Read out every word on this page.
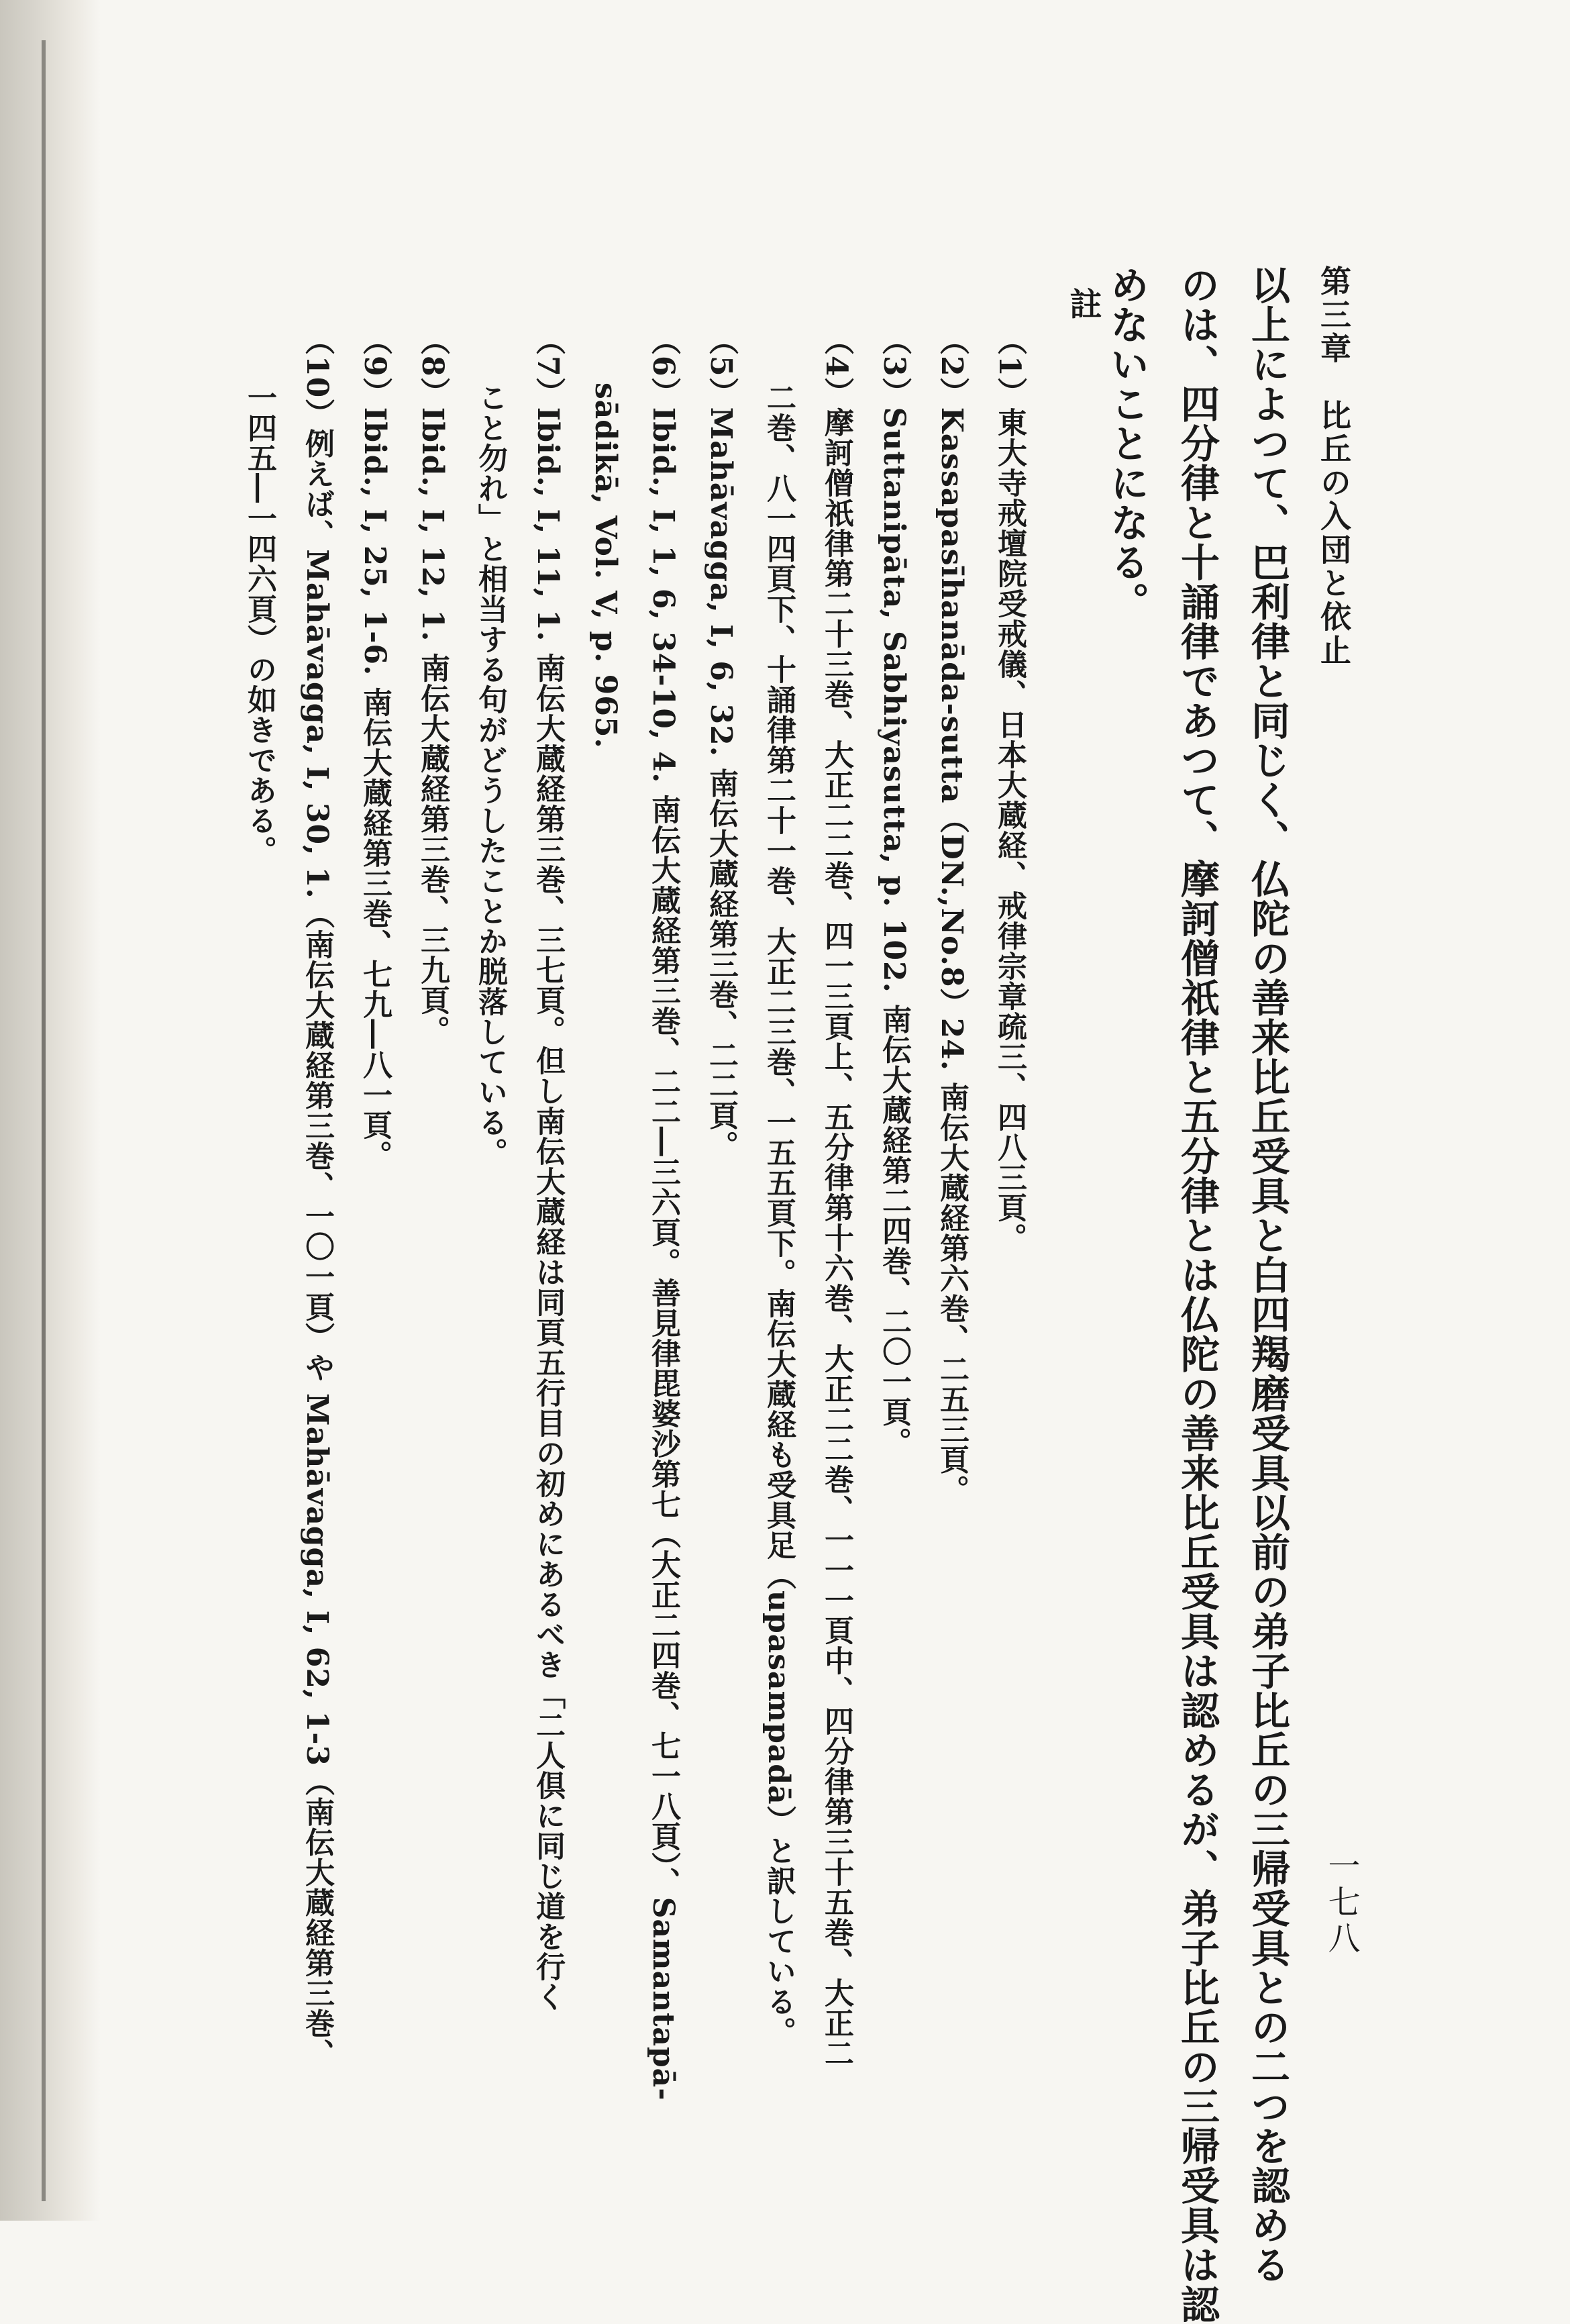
第三章　比丘の入団と依止
一七八
以上によつて、巴利律と同じく、仏陀の善来比丘受具と白四羯磨受具以前の弟子比丘の三帰受具との二つを認める
のは、四分律と十誦律であつて、摩訶僧祇律と五分律とは仏陀の善来比丘受具は認めるが、弟子比丘の三帰受具は認
めないことになる。
註
（1）東大寺戒壇院受戒儀、日本大蔵経、戒律宗章疏三、四八三頁。
（2）Kassapasīhanāda-sutta（DN.,No.8）24. 南伝大蔵経第六巻、二五三頁。
（3）Suttanipāta, Sabhiyasutta, p. 102. 南伝大蔵経第二四巻、二〇一頁。
（4）摩訶僧祇律第二十三巻、大正二二巻、四一三頁上、五分律第十六巻、大正二二巻、一一一頁中、四分律第三十五巻、大正二
二巻、八一四頁下、十誦律第二十一巻、大正二三巻、一五五頁下。南伝大蔵経も受具足（upasampadā）と訳している。
（5）Mahāvagga, I, 6, 32. 南伝大蔵経第三巻、二二頁。
（6）Ibid., I, 1, 6, 34-10, 4. 南伝大蔵経第三巻、二二―三六頁。善見律毘婆沙第七（大正二四巻、七一八頁）、Samantapā-
sādikā, Vol. V, p. 965.
（7）Ibid., I, 11, 1. 南伝大蔵経第三巻、三七頁。但し南伝大蔵経は同頁五行目の初めにあるべき「二人倶に同じ道を行く
こと勿れ」と相当する句がどうしたことか脱落している。
（8）Ibid., I, 12, 1. 南伝大蔵経第三巻、三九頁。
（9）Ibid., I, 25, 1-6. 南伝大蔵経第三巻、七九―八一頁。
（10）例えば、Mahāvagga, I, 30, 1.（南伝大蔵経第三巻、一〇一頁）や Mahāvagga, I, 62, 1-3（南伝大蔵経第三巻、
一四五―一四六頁）の如きである。
